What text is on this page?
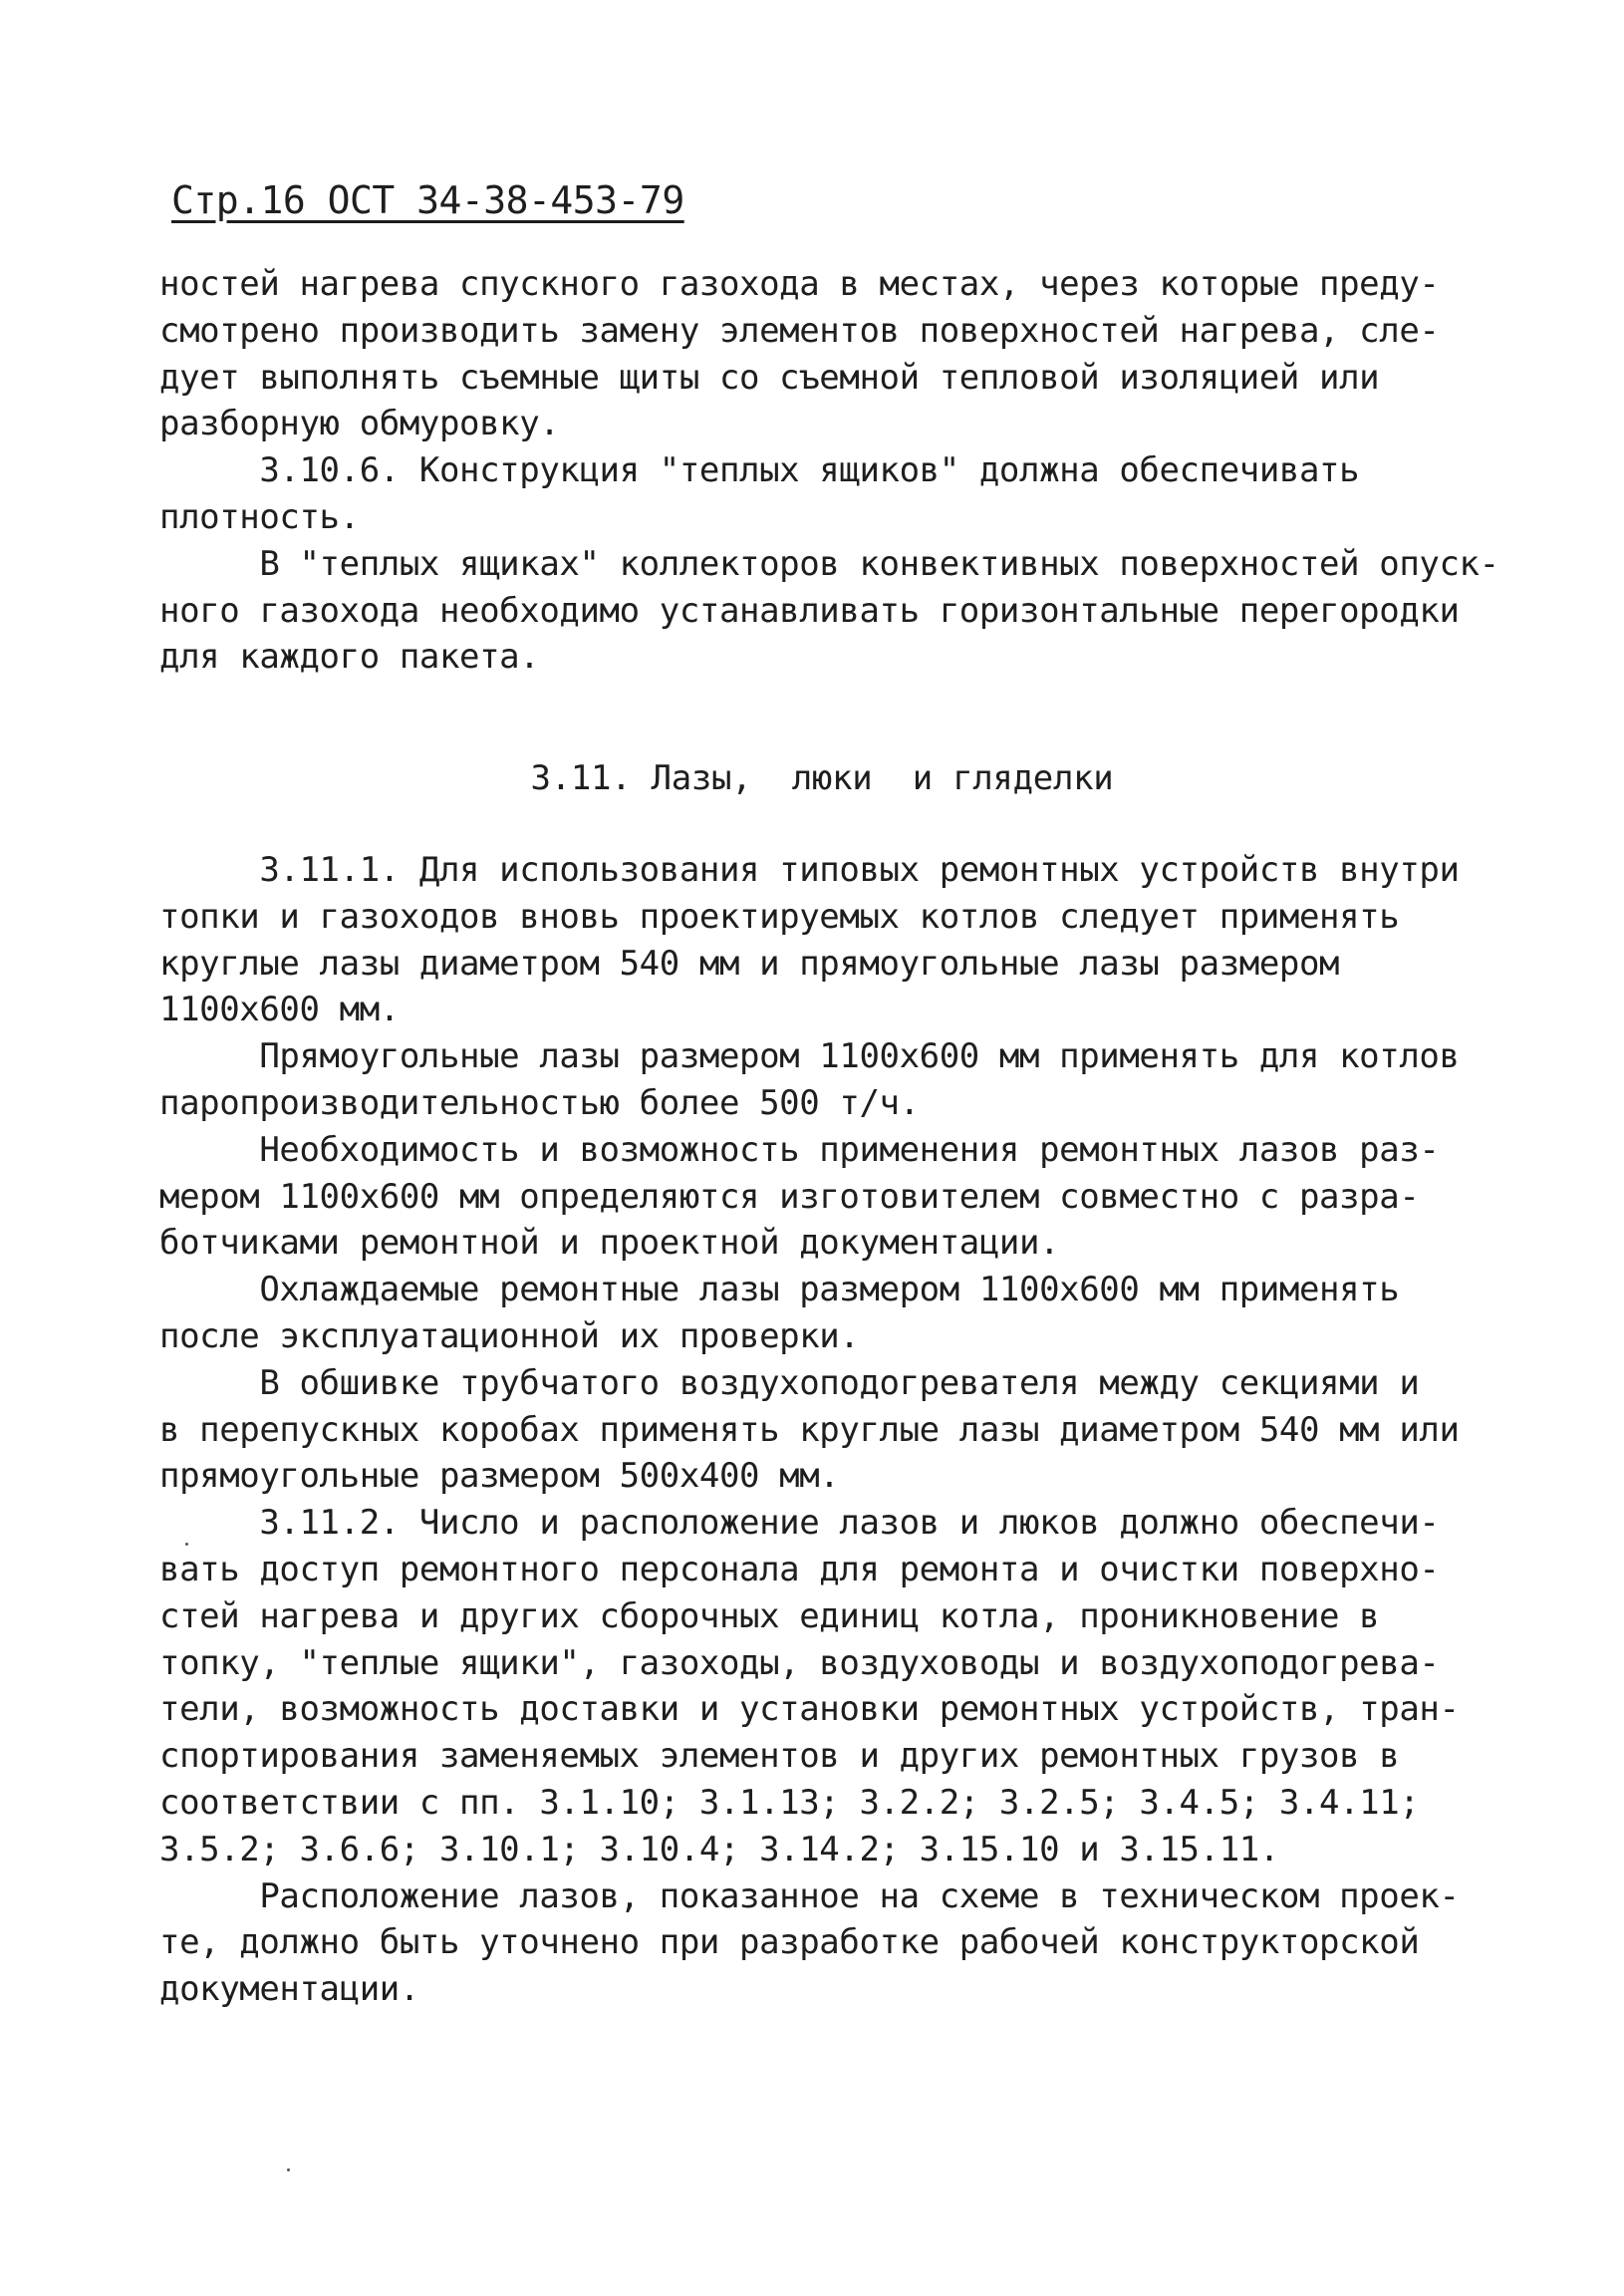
Стр.16 ОСТ 34-38-453-79
ностей нагрева спускного газохода в местах, через которые преду-
смотрено производить замену элементов поверхностей нагрева, сле-
дует выполнять съемные щиты со съемной тепловой изоляцией или
разборную обмуровку.
3.10.6. Конструкция "теплых ящиков" должна обеспечивать
плотность.
В "теплых ящиках" коллекторов конвективных поверхностей опуск-
ного газохода необходимо устанавливать горизонтальные перегородки
для каждого пакета.
3.11. Лазы,  люки  и гляделки
3.11.1. Для использования типовых ремонтных устройств внутри
топки и газоходов вновь проектируемых котлов следует применять
круглые лазы диаметром 540 мм и прямоугольные лазы размером
1100х600 мм.
Прямоугольные лазы размером 1100х600 мм применять для котлов
паропроизводительностью более 500 т/ч.
Необходимость и возможность применения ремонтных лазов раз-
мером 1100х600 мм определяются изготовителем совместно с разра-
ботчиками ремонтной и проектной документации.
Охлаждаемые ремонтные лазы размером 1100х600 мм применять
после эксплуатационной их проверки.
В обшивке трубчатого воздухоподогревателя между секциями и
в перепускных коробах применять круглые лазы диаметром 540 мм или
прямоугольные размером 500х400 мм.
3.11.2. Число и расположение лазов и люков должно обеспечи-
вать доступ ремонтного персонала для ремонта и очистки поверхно-
стей нагрева и других сборочных единиц котла, проникновение в
топку, "теплые ящики", газоходы, воздуховоды и воздухоподогрева-
тели, возможность доставки и установки ремонтных устройств, тран-
спортирования заменяемых элементов и других ремонтных грузов в
соответствии с пп. 3.1.10; 3.1.13; 3.2.2; 3.2.5; 3.4.5; 3.4.11;
3.5.2; 3.6.6; 3.10.1; 3.10.4; 3.14.2; 3.15.10 и 3.15.11.
Расположение лазов, показанное на схеме в техническом проек-
те, должно быть уточнено при разработке рабочей конструкторской
документации.
